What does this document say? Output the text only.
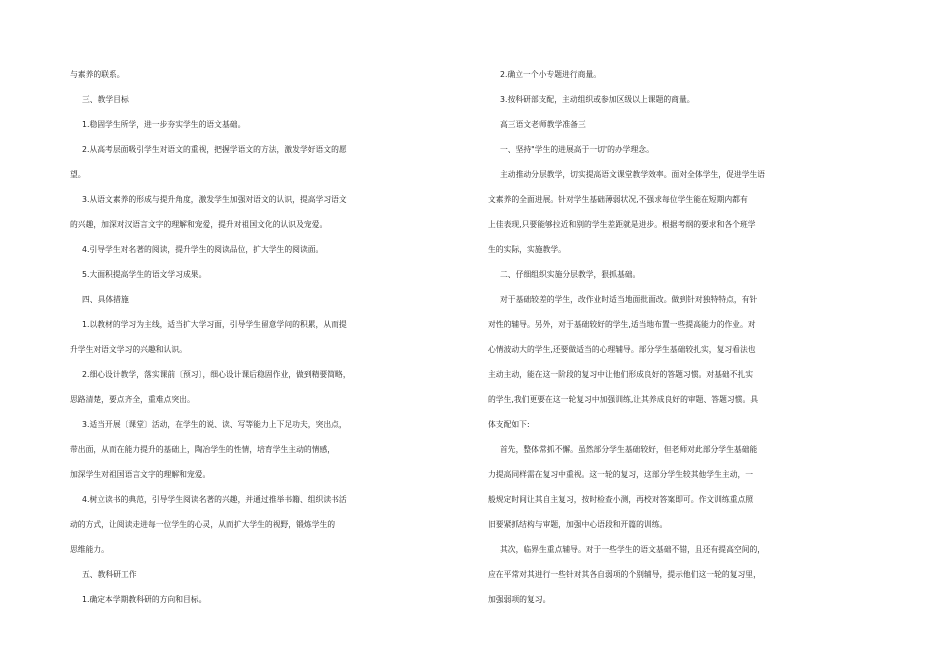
与素养的联系。
三、教学目标
1.稳固学生所学，进一步夯实学生的语文基础。
2.从高考层面吸引学生对语文的重视，把握学语文的方法，激发学好语文的愿
望。
3.从语文素养的形成与提升角度，激发学生加强对语文的认识，提高学习语文
的兴趣，加深对汉语言文字的理解和宠爱，提升对祖国文化的认识及宠爱。
4.引导学生对名著的阅读，提升学生的阅读品位，扩大学生的阅读面。
5.大面积提高学生的语文学习成果。
四、具体措施
1.以教材的学习为主线，适当扩大学习面，引导学生留意学问的积累，从而提
升学生对语文学习的兴趣和认识。
2.细心设计教学，落实课前〔预习〕，细心设计课后稳固作业，做到精要简略，
思路清楚，要点齐全，重难点突出。
3.适当开展〔课堂〕活动，在学生的说、读、写等能力上下足功夫，突出点，
带出面，从而在能力提升的基础上，陶冶学生的性情，培育学生主动的情感，
加深学生对祖国语言文字的理解和宠爱。
4.树立读书的典范，引导学生阅读名著的兴趣，并通过推举书籍、组织读书活
动的方式，让阅读走进每一位学生的心灵，从而扩大学生的视野，锻炼学生的
思维能力。
五、教科研工作
1.确定本学期教科研的方向和目标。
2.确立一个小专题进行商量。
3.按科研部支配，主动组织或参加区级以上课题的商量。
高三语文老师教学准备三
一、坚持"学生的进展高于一切'的办学理念。
主动推动分层教学，切实提高语文课堂教学效率。面对全体学生，促进学生语
文素养的全面进展。针对学生基础薄弱状况,不强求每位学生能在短期内都有
上佳表现,只要能够拉近和别的学生差距就是进步。根据考纲的要求和各个班学
生的实际，实施教学。
二、仔细组织实施分层教学，狠抓基础。
对于基础较差的学生，改作业时适当地面批面改。做到针对独特特点，有针
对性的辅导。另外，对于基础较好的学生,适当地布置一些提高能力的作业。对
心情波动大的学生,还要做适当的心理辅导。部分学生基础较扎实，复习看法也
主动主动，能在这一阶段的复习中让他们形成良好的答题习惯。对基础不扎实
的学生,我们更要在这一轮复习中加强训练,让其养成良好的审题、答题习惯。具
体支配如下:
首先，整体常抓不懈。虽然部分学生基础较好，但老师对此部分学生基础能
力提高同样需在复习中重视。这一轮的复习，这部分学生较其他学生主动，一
般规定时间让其自主复习，按时检查小测，再校对答案即可。作文训练重点照
旧要紧抓结构与审题，加强中心语段和开篇的训练。
其次，临界生重点辅导。对于一些学生的语文基础不错，且还有提高空间的，
应在平常对其进行一些针对其各自弱项的个别辅导，提示他们这一轮的复习里，
加强弱项的复习。
